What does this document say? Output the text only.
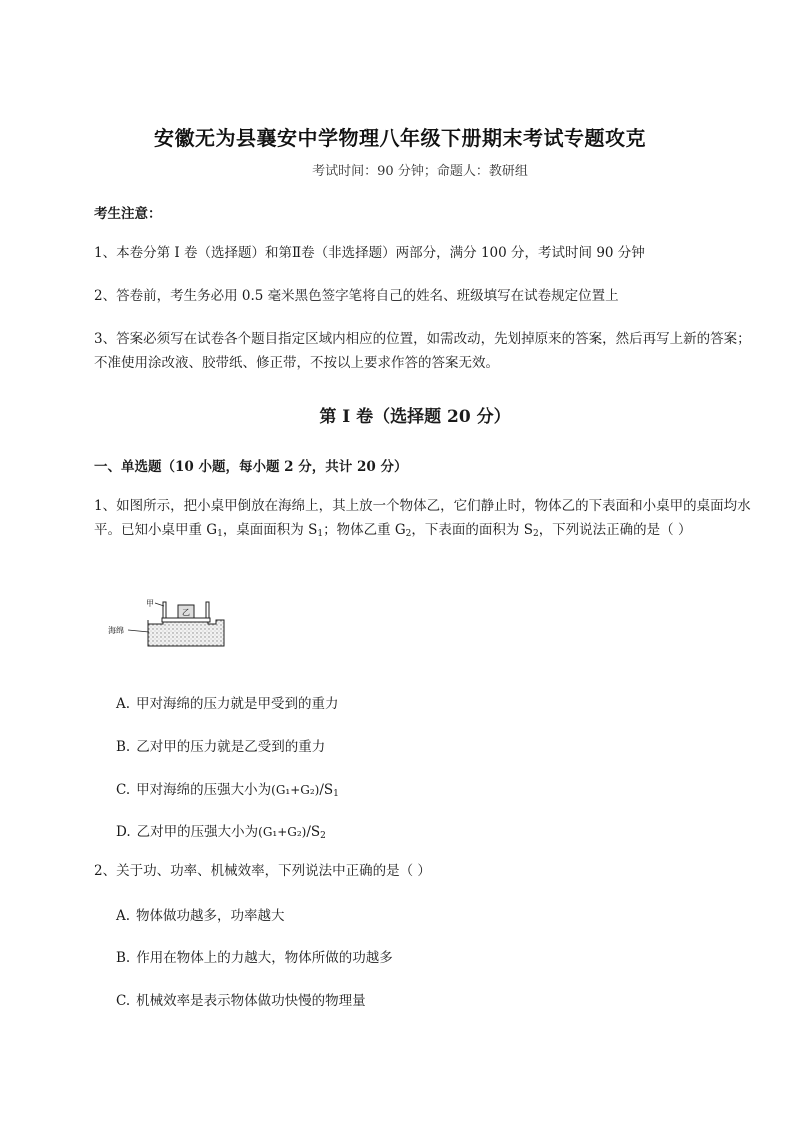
安徽无为县襄安中学物理八年级下册期末考试专题攻克
考试时间：90 分钟；命题人：教研组
考生注意：
1、本卷分第 I 卷（选择题）和第Ⅱ卷（非选择题）两部分，满分 100 分，考试时间 90 分钟
2、答卷前，考生务必用 0.5 毫米黑色签字笔将自己的姓名、班级填写在试卷规定位置上
3、答案必须写在试卷各个题目指定区域内相应的位置，如需改动，先划掉原来的答案，然后再写上新的答案；不准使用涂改液、胶带纸、修正带，不按以上要求作答的答案无效。
第 I 卷（选择题 20 分）
一、单选题（10 小题，每小题 2 分，共计 20 分）
1、如图所示，把小桌甲倒放在海绵上，其上放一个物体乙，它们静止时，物体乙的下表面和小桌甲的桌面均水平。已知小桌甲重 G1，桌面面积为 S1；物体乙重 G2，下表面的面积为 S2，下列说法正确的是（ ）
乙
甲
海绵
A. 甲对海绵的压力就是甲受到的重力
B. 乙对甲的压力就是乙受到的重力
C. 甲对海绵的压强大小为(G₁+G₂)/S1
D. 乙对甲的压强大小为(G₁+G₂)/S2
2、关于功、功率、机械效率，下列说法中正确的是（ ）
A. 物体做功越多，功率越大
B. 作用在物体上的力越大，物体所做的功越多
C. 机械效率是表示物体做功快慢的物理量
